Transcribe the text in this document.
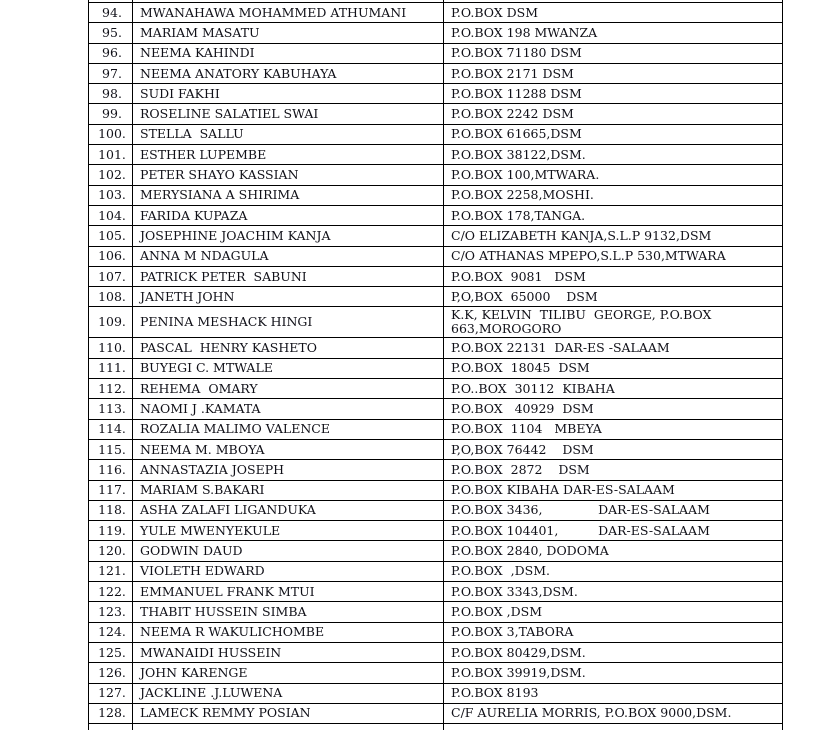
94.	MWANAHAWA MOHAMMED ATHUMANI	P.O.BOX DSM
95.	MARIAM MASATU	P.O.BOX 198 MWANZA
96.	NEEMA KAHINDI	P.O.BOX 71180 DSM
97.	NEEMA ANATORY KABUHAYA	P.O.BOX 2171 DSM
98.	SUDI FAKHI	P.O.BOX 11288 DSM
99.	ROSELINE SALATIEL SWAI	P.O.BOX 2242 DSM
100.	STELLA  SALLU	P.O.BOX 61665,DSM
101.	ESTHER LUPEMBE	P.O.BOX 38122,DSM.
102.	PETER SHAYO KASSIAN	P.O.BOX 100,MTWARA.
103.	MERYSIANA A SHIRIMA	P.O.BOX 2258,MOSHI.
104.	FARIDA KUPAZA	P.O.BOX 178,TANGA.
105.	JOSEPHINE JOACHIM KANJA	C/O ELIZABETH KANJA,S.L.P 9132,DSM
106.	ANNA M NDAGULA	C/O ATHANAS MPEPO,S.L.P 530,MTWARA
107.	PATRICK PETER  SABUNI	P.O.BOX  9081   DSM
108.	JANETH JOHN	P,O,BOX  65000    DSM
109.	PENINA MESHACK HINGI	K.K, KELVIN  TILIBU  GEORGE, P.O.BOX 663,MOROGORO
110.	PASCAL  HENRY KASHETO	P.O.BOX 22131  DAR-ES -SALAAM
111.	BUYEGI C. MTWALE	P.O.BOX  18045  DSM
112.	REHEMA  OMARY	P.O..BOX  30112  KIBAHA
113.	NAOMI J .KAMATA	P.O.BOX   40929  DSM
114.	ROZALIA MALIMO VALENCE	P.O.BOX  1104   MBEYA
115.	NEEMA M. MBOYA	P,O,BOX 76442    DSM
116.	ANNASTAZIA JOSEPH	P.O.BOX  2872    DSM
117.	MARIAM S.BAKARI	P.O.BOX KIBAHA DAR-ES-SALAAM
118.	ASHA ZALAFI LIGANDUKA	P.O.BOX 3436,              DAR-ES-SALAAM
119.	YULE MWENYEKULE	P.O.BOX 104401,          DAR-ES-SALAAM
120.	GODWIN DAUD	P.O.BOX 2840, DODOMA
121.	VIOLETH EDWARD	P.O.BOX  ,DSM.
122.	EMMANUEL FRANK MTUI	P.O.BOX 3343,DSM.
123.	THABIT HUSSEIN SIMBA	P.O.BOX ,DSM
124.	NEEMA R WAKULICHOMBE	P.O.BOX 3,TABORA
125.	MWANAIDI HUSSEIN	P.O.BOX 80429,DSM.
126.	JOHN KARENGE	P.O.BOX 39919,DSM.
127.	JACKLINE .J.LUWENA	P.O.BOX 8193
128.	LAMECK REMMY POSIAN	C/F AURELIA MORRIS, P.O.BOX 9000,DSM.
